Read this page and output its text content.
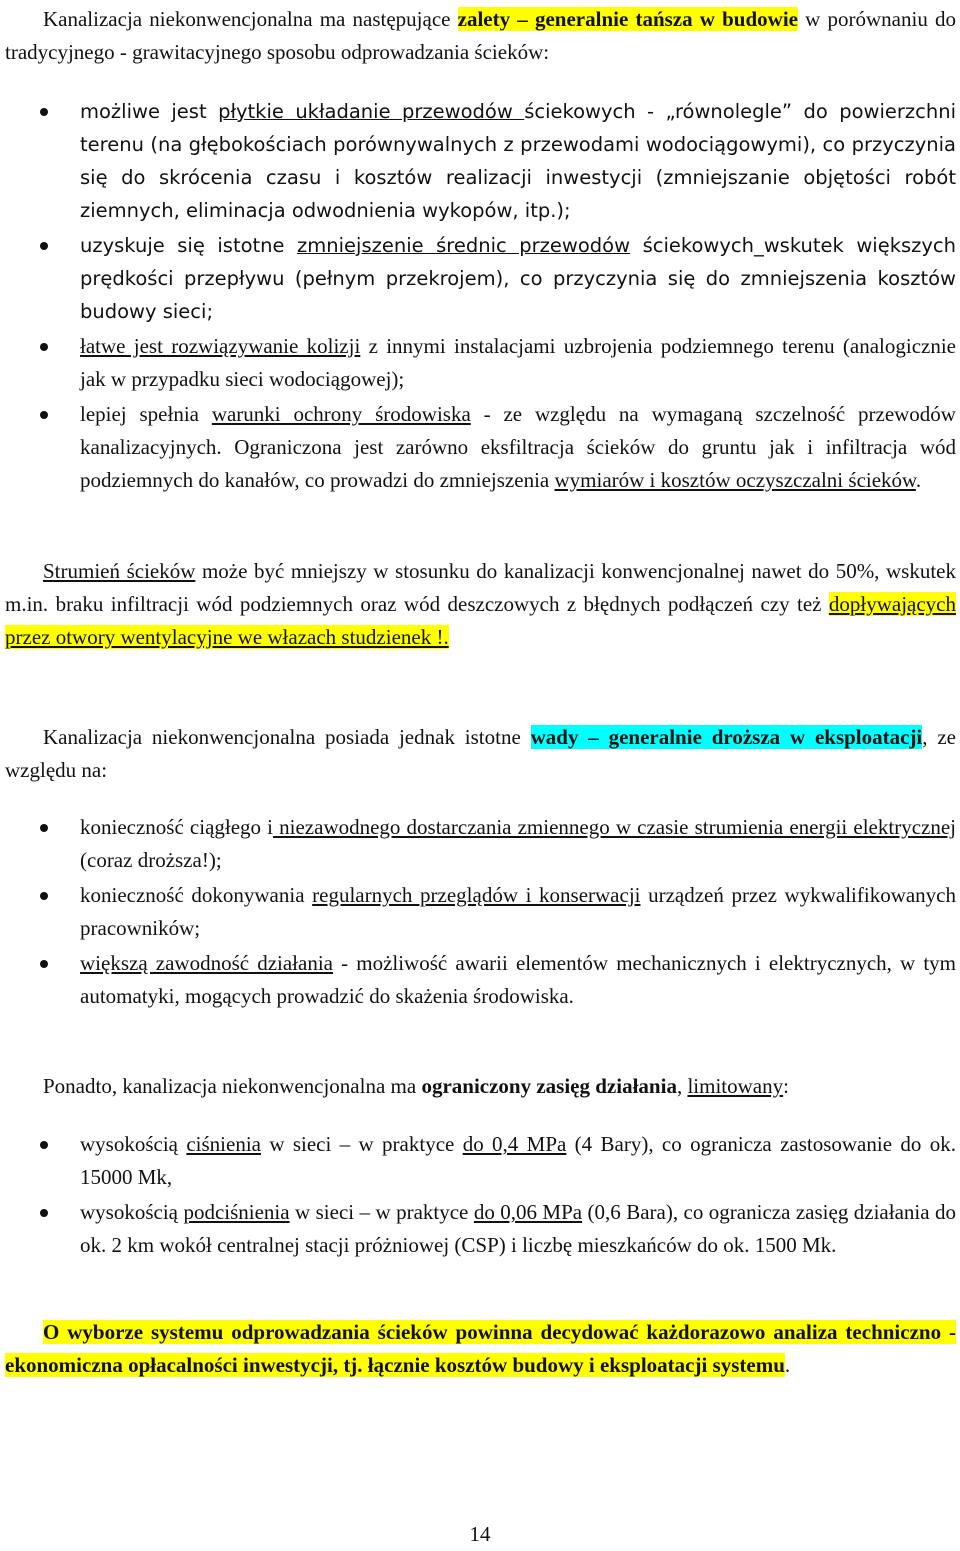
Kanalizacja niekonwencjonalna ma następujące zalety – generalnie tańsza w budowie w porównaniu do tradycyjnego - grawitacyjnego sposobu odprowadzania ścieków:

możliwe jest płytkie układanie przewodów ściekowych - „równolegle” do powierzchni terenu (na głębokościach porównywalnych z przewodami wodociągowymi), co przyczynia się do skrócenia czasu i kosztów realizacji inwestycji (zmniejszanie objętości robót ziemnych, eliminacja odwodnienia wykopów, itp.);
uzyskuje się istotne zmniejszenie średnic przewodów ściekowych_wskutek większych prędkości przepływu (pełnym przekrojem), co przyczynia się do zmniejszenia kosztów budowy sieci;
łatwe jest rozwiązywanie kolizji z innymi instalacjami uzbrojenia podziemnego terenu (analogicznie jak w przypadku sieci wodociągowej);
lepiej spełnia warunki ochrony środowiska - ze względu na wymaganą szczelność przewodów kanalizacyjnych. Ograniczona jest zarówno eksfiltracja ścieków do gruntu jak i infiltracja wód podziemnych do kanałów, co prowadzi do zmniejszenia wymiarów i kosztów oczyszczalni ścieków.

Strumień ścieków może być mniejszy w stosunku do kanalizacji konwencjonalnej nawet do 50%, wskutek m.in. braku infiltracji wód podziemnych oraz wód deszczowych z błędnych podłączeń czy też dopływających przez otwory wentylacyjne we włazach studzienek !.

Kanalizacja niekonwencjonalna posiada jednak istotne wady – generalnie droższa w eksploatacji, ze względu na:

konieczność ciągłego i niezawodnego dostarczania zmiennego w czasie strumienia energii elektrycznej (coraz droższa!);
konieczność dokonywania regularnych przeglądów i konserwacji urządzeń przez wykwalifikowanych pracowników;
większą zawodność działania - możliwość awarii elementów mechanicznych i elektrycznych, w tym automatyki, mogących prowadzić do skażenia środowiska.

Ponadto, kanalizacja niekonwencjonalna ma ograniczony zasięg działania, limitowany:

wysokością ciśnienia w sieci – w praktyce do 0,4 MPa (4 Bary), co ogranicza zastosowanie do ok. 15000 Mk,
wysokością podciśnienia w sieci – w praktyce do 0,06 MPa (0,6 Bara), co ogranicza zasięg działania do ok. 2 km wokół centralnej stacji próżniowej (CSP) i liczbę mieszkańców do ok. 1500 Mk.

O wyborze systemu odprowadzania ścieków powinna decydować każdorazowo analiza techniczno - ekonomiczna opłacalności inwestycji, tj. łącznie kosztów budowy i eksploatacji systemu.

14
